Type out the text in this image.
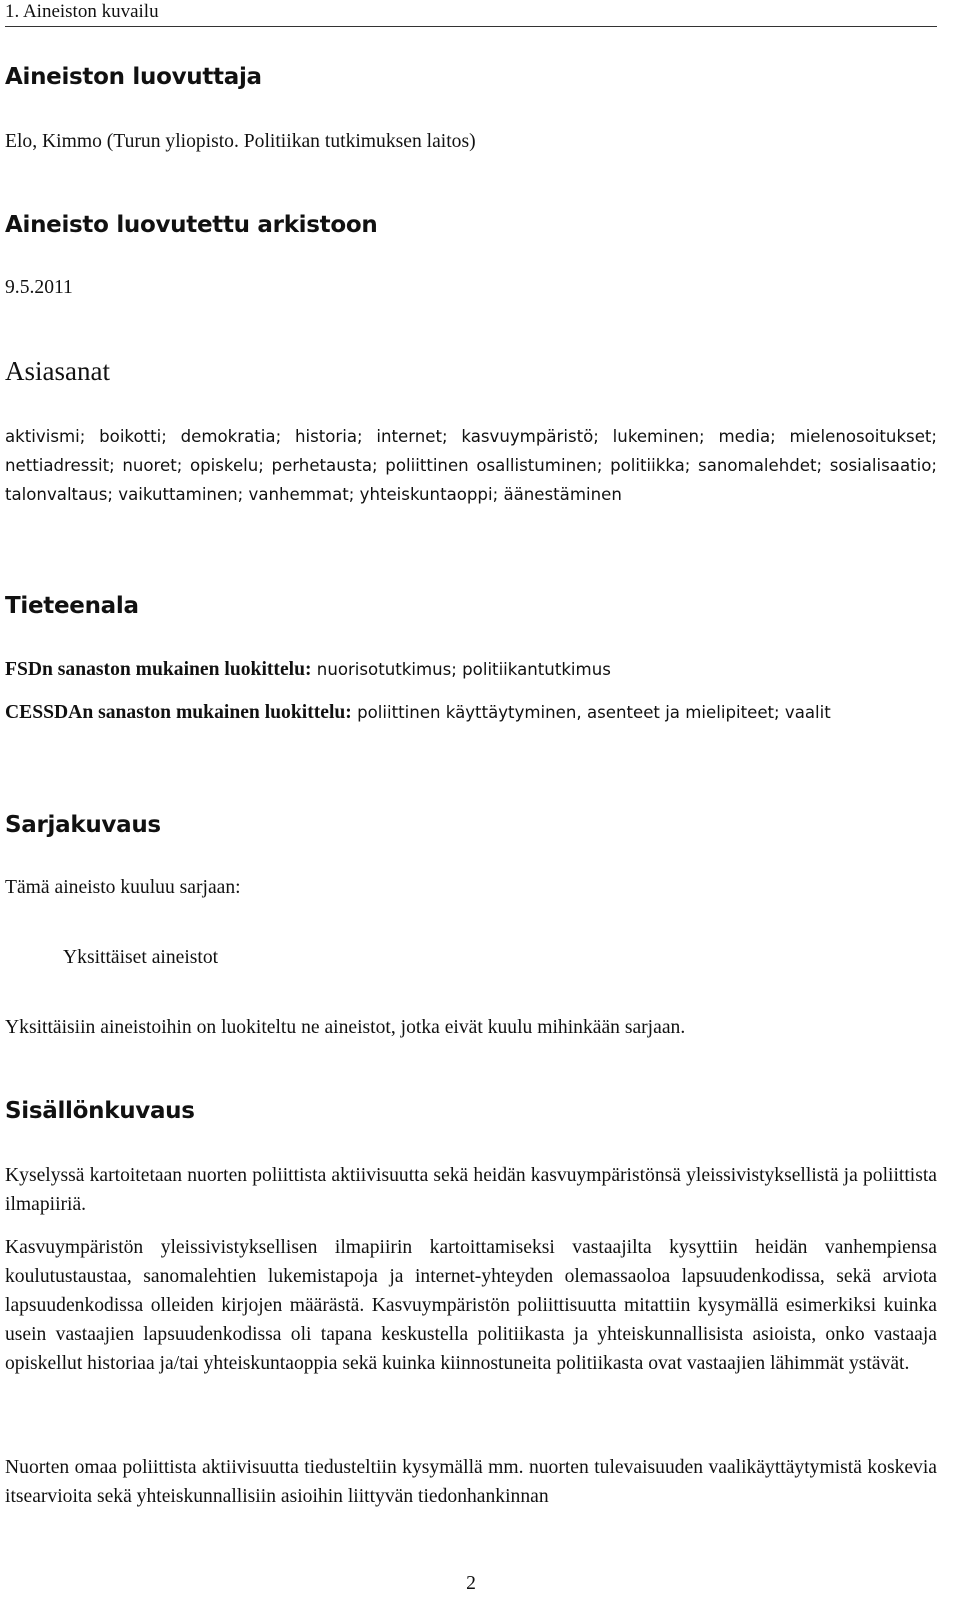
1. Aineiston kuvailu
Aineiston luovuttaja

Elo, Kimmo (Turun yliopisto. Politiikan tutkimuksen laitos)

Aineisto luovutettu arkistoon

9.5.2011

Asiasanat

aktivismi; boikotti; demokratia; historia; internet; kasvuympäristö; lukeminen; media; mielenosoitukset; nettiadressit; nuoret; opiskelu; perhetausta; poliittinen osallistuminen; politiikka; sanomalehdet; sosialisaatio; talonvaltaus; vaikuttaminen; vanhemmat; yhteiskuntaoppi; äänestäminen

Tieteenala

FSDn sanaston mukainen luokittelu: nuorisotutkimus; politiikantutkimus

CESSDAn sanaston mukainen luokittelu: poliittinen käyttäytyminen, asenteet ja mielipiteet; vaalit

Sarjakuvaus

Tämä aineisto kuuluu sarjaan:

Yksittäiset aineistot

Yksittäisiin aineistoihin on luokiteltu ne aineistot, jotka eivät kuulu mihinkään sarjaan.

Sisällönkuvaus

Kyselyssä kartoitetaan nuorten poliittista aktiivisuutta sekä heidän kasvuympäristönsä yleissivistyksellistä ja poliittista ilmapiiriä.

Kasvuympäristön yleissivistyksellisen ilmapiirin kartoittamiseksi vastaajilta kysyttiin heidän vanhempiensa koulutustaustaa, sanomalehtien lukemistapoja ja internet-yhteyden olemassaoloa lapsuudenkodissa, sekä arviota lapsuudenkodissa olleiden kirjojen määrästä. Kasvuympäristön poliittisuutta mitattiin kysymällä esimerkiksi kuinka usein vastaajien lapsuudenkodissa oli tapana keskustella politiikasta ja yhteiskunnallisista asioista, onko vastaaja opiskellut historiaa ja/tai yhteiskuntaoppia sekä kuinka kiinnostuneita politiikasta ovat vastaajien lähimmät ystävät.

Nuorten omaa poliittista aktiivisuutta tiedusteltiin kysymällä mm. nuorten tulevaisuuden vaalikäyttäytymistä koskevia itsearvioita sekä yhteiskunnallisiin asioihin liittyvän tiedonhankinnan

2
